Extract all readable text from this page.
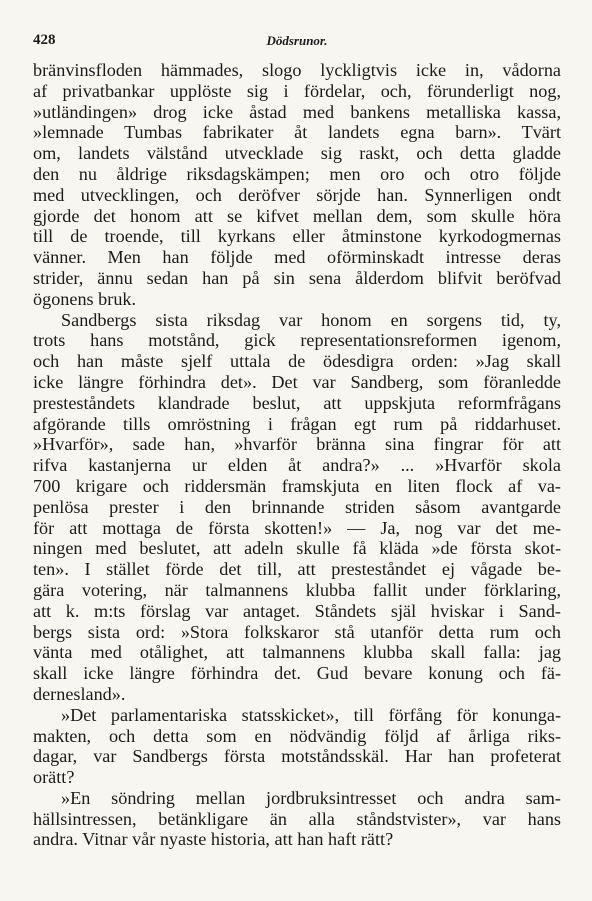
428	Dödsrunor.
bränvinsfloden hämmades, slogo lyckligtvis icke in, vådorna
af privatbankar upplöste sig i fördelar, och, förunderligt nog,
»utländingen» drog icke åstad med bankens metalliska kassa,
»lemnade Tumbas fabrikater åt landets egna barn». Tvärt
om, landets välstånd utvecklade sig raskt, och detta gladde
den nu åldrige riksdagskämpen; men oro och otro följde
med utvecklingen, och deröfver sörjde han. Synnerligen ondt
gjorde det honom att se kifvet mellan dem, som skulle höra
till de troende, till kyrkans eller åtminstone kyrkodogmernas
vänner. Men han följde med oförminskadt intresse deras
strider, ännu sedan han på sin sena ålderdom blifvit beröfvad
ögonens bruk.
Sandbergs sista riksdag var honom en sorgens tid, ty,
trots hans motstånd, gick representationsreformen igenom,
och han måste sjelf uttala de ödesdigra orden: »Jag skall
icke längre förhindra det». Det var Sandberg, som föranledde
presteståndets klandrade beslut, att uppskjuta reformfrågans
afgörande tills omröstning i frågan egt rum på riddarhuset.
»Hvarför», sade han, »hvarför bränna sina fingrar för att
rifva kastanjerna ur elden åt andra?» ... »Hvarför skola
700 krigare och riddersmän framskjuta en liten flock af va-
penlösa prester i den brinnande striden såsom avantgarde
för att mottaga de första skotten!» — Ja, nog var det me-
ningen med beslutet, att adeln skulle få kläda »de första skot-
ten». I stället förde det till, att presteståndet ej vågade be-
gära votering, när talmannens klubba fallit under förklaring,
att k. m:ts förslag var antaget. Ståndets själ hviskar i Sand-
bergs sista ord: »Stora folkskaror stå utanför detta rum och
vänta med otålighet, att talmannens klubba skall falla: jag
skall icke längre förhindra det. Gud bevare konung och fä-
dernesland».
»Det parlamentariska statsskicket», till förfång för konunga-
makten, och detta som en nödvändig följd af årliga riks-
dagar, var Sandbergs första motståndsskäl. Har han profeterat
orätt?
»En söndring mellan jordbruksintresset och andra sam-
hällsintressen, betänkligare än alla ståndstvister», var hans
andra. Vitnar vår nyaste historia, att han haft rätt?
